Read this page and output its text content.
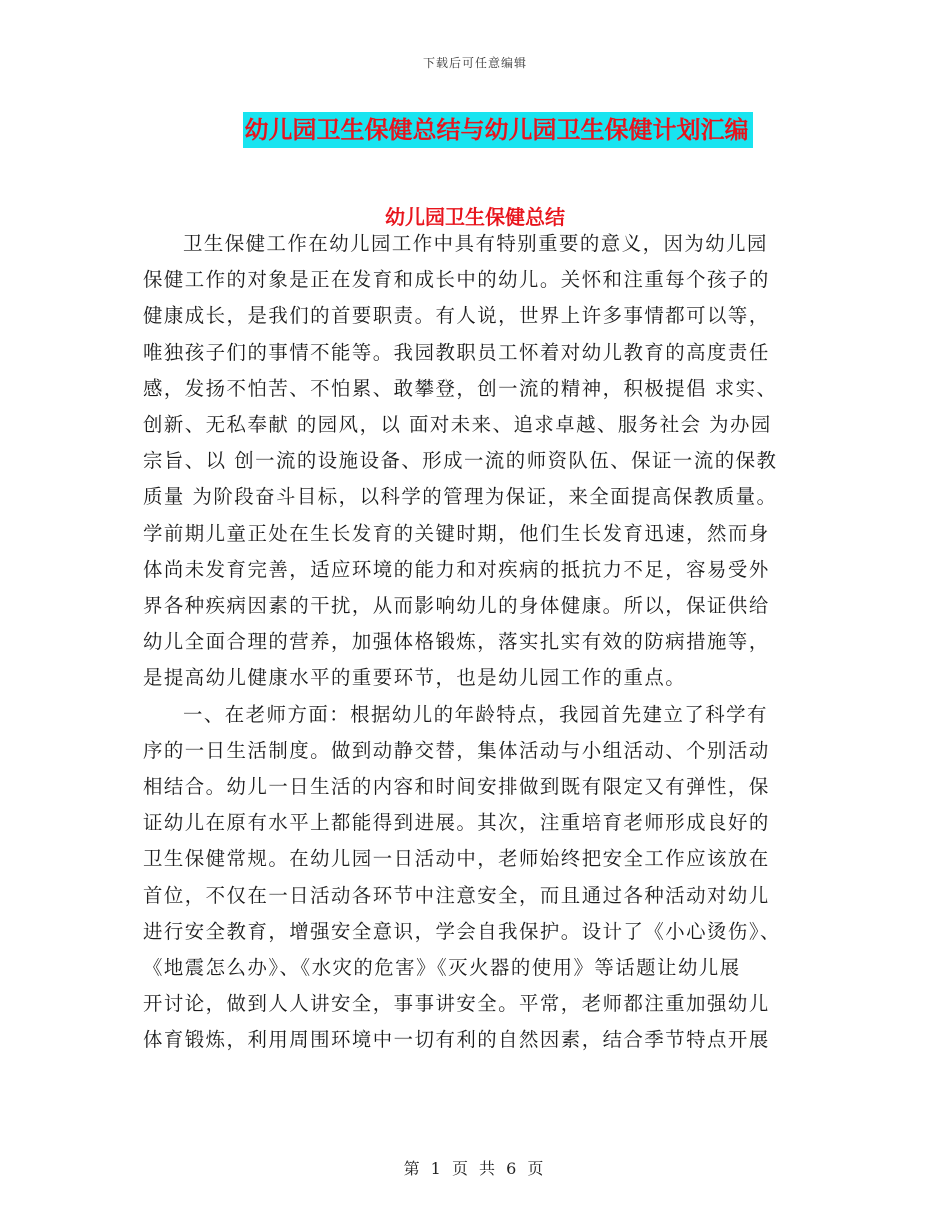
下载后可任意编辑
幼儿园卫生保健总结与幼儿园卫生保健计划汇编
幼儿园卫生保健总结
卫生保健工作在幼儿园工作中具有特别重要的意义，因为幼儿园
保健工作的对象是正在发育和成长中的幼儿。关怀和注重每个孩子的
健康成长，是我们的首要职责。有人说，世界上许多事情都可以等，
唯独孩子们的事情不能等。我园教职员工怀着对幼儿教育的高度责任
感，发扬不怕苦、不怕累、敢攀登，创一流的精神，积极提倡 求实、
创新、无私奉献 的园风，以 面对未来、追求卓越、服务社会 为办园
宗旨、以 创一流的设施设备、形成一流的师资队伍、保证一流的保教
质量 为阶段奋斗目标，以科学的管理为保证，来全面提高保教质量。
学前期儿童正处在生长发育的关键时期，他们生长发育迅速，然而身
体尚未发育完善，适应环境的能力和对疾病的抵抗力不足，容易受外
界各种疾病因素的干扰，从而影响幼儿的身体健康。所以，保证供给
幼儿全面合理的营养，加强体格锻炼，落实扎实有效的防病措施等，
是提高幼儿健康水平的重要环节，也是幼儿园工作的重点。
一、在老师方面：根据幼儿的年龄特点，我园首先建立了科学有
序的一日生活制度。做到动静交替，集体活动与小组活动、个别活动
相结合。幼儿一日生活的内容和时间安排做到既有限定又有弹性，保
证幼儿在原有水平上都能得到进展。其次，注重培育老师形成良好的
卫生保健常规。在幼儿园一日活动中，老师始终把安全工作应该放在
首位，不仅在一日活动各环节中注意安全，而且通过各种活动对幼儿
进行安全教育，增强安全意识，学会自我保护。设计了《小心烫伤》、
《地震怎么办》、《水灾的危害》《灭火器的使用》等话题让幼儿展
开讨论，做到人人讲安全，事事讲安全。平常，老师都注重加强幼儿
体育锻炼，利用周围环境中一切有利的自然因素，结合季节特点开展
第 1 页 共 6 页
